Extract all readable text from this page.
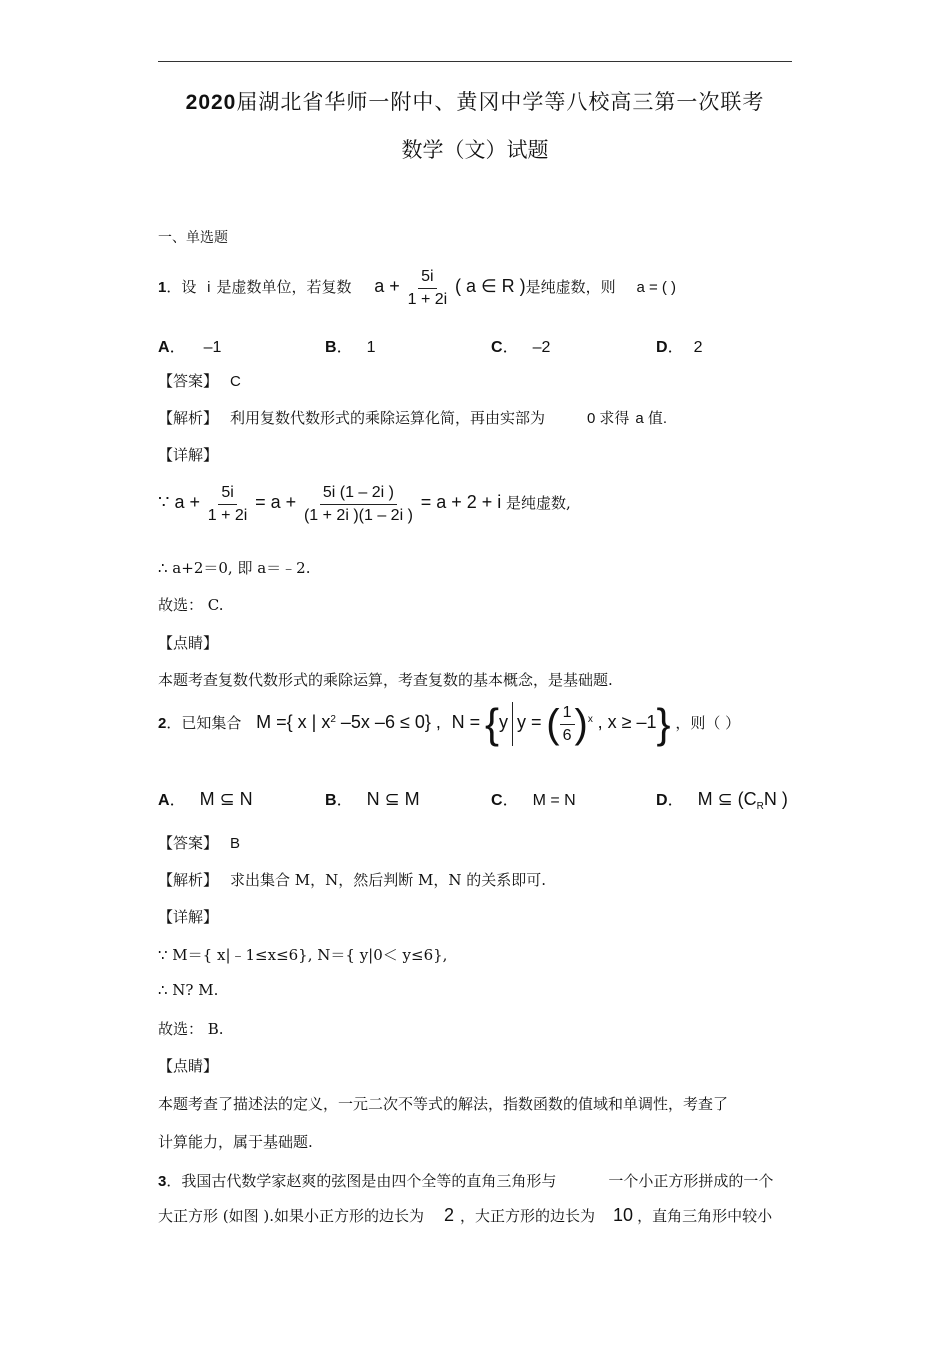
2020届湖北省华师一附中、黄冈中学等八校高三第一次联考
数学（文）试题
一、单选题
1．设 i 是虚数单位，若复数 $a + \frac{5i}{1 + 2i}$ ( a ∈ R )是纯虚数，则 a = ( )
A． –1	B． 1	C． –2	D． 2
【答案】 C
【解析】 利用复数代数形式的乘除运算化简，再由实部为	0 求得 a 值.
【详解】
∵ $a + \frac{5i}{1 + 2i} = a + \frac{5i (1 - 2i )}{(1 + 2i )(1 - 2i )} = a + 2 + i$ 是纯虚数,
∴ a+2＝0, 即 a＝﹣2.
故选： C.
【点睛】
本题考查复数代数形式的乘除运算，考查复数的基本概念，是基础题.
2．已知集合 M ={ x | $x^2$ –5x –6 ≤ 0} , N = {y y = ( $\frac{1}{6} )^x$ , x ≥ –1} ，则（ ）
A． M ⊆ N	B． N ⊆ M	C． M = N	D． M ⊆ ($C_RN$ )
【答案】 B
【解析】 求出集合 M，N，然后判断 M，N 的关系即可.
【详解】
∵ M＝{ x|﹣1≤x≤6}, N＝{ y|0＜ y≤6},
∴ N? M.
故选： B.
【点睛】
本题考查了描述法的定义，一元二次不等式的解法，指数函数的值域和单调性，考查了
计算能力，属于基础题.
3．我国古代数学家赵爽的弦图是由四个全等的直角三角形与	一个小正方形拼成的一个
大正方形 (如图 ).如果小正方形的边长为 2 ，大正方形的边长为 10 ，直角三角形中较小
